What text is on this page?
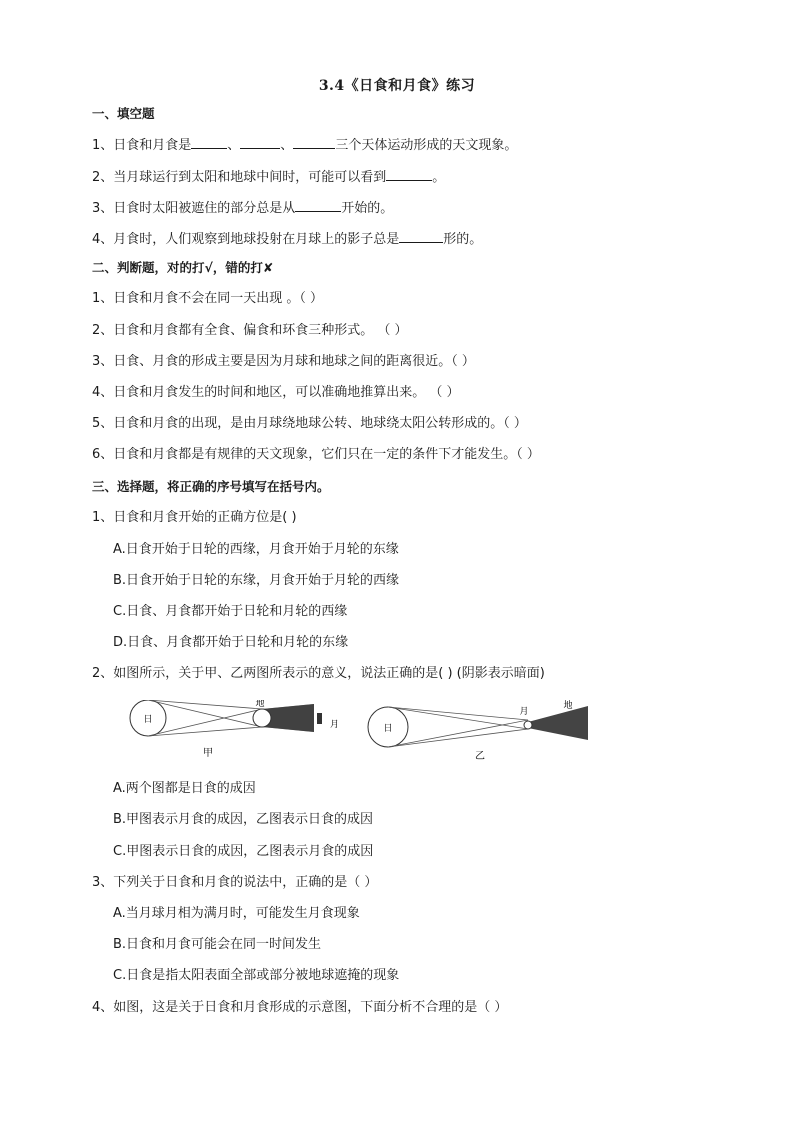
3.4《日食和月食》练习
一、填空题
1、日食和月食是	、	、	三个天体运动形成的天文现象。
2、当月球运行到太阳和地球中间时，可能可以看到	。
3、日食时太阳被遮住的部分总是从	开始的。
4、月食时，人们观察到地球投射在月球上的影子总是	形的。
二、判断题，对的打√，错的打✘
1、日食和月食不会在同一天出现 。（ ）
2、日食和月食都有全食、偏食和环食三种形式。 （ ）
3、日食、月食的形成主要是因为月球和地球之间的距离很近。（ ）
4、日食和月食发生的时间和地区，可以准确地推算出来。 （ ）
5、日食和月食的出现，是由月球绕地球公转、地球绕太阳公转形成的。（ ）
6、日食和月食都是有规律的天文现象，它们只在一定的条件下才能发生。（ ）
三、选择题，将正确的序号填写在括号内。
1、日食和月食开始的正确方位是( )
A.日食开始于日轮的西缘，月食开始于月轮的东缘
B.日食开始于日轮的东缘，月食开始于月轮的西缘
C.日食、月食都开始于日轮和月轮的西缘
D.日食、月食都开始于日轮和月轮的东缘
2、如图所示，关于甲、乙两图所表示的意义，说法正确的是( ) (阴影表示暗面)
日
地
月
甲
日
月
地
乙
A.两个图都是日食的成因
B.甲图表示月食的成因，乙图表示日食的成因
C.甲图表示日食的成因，乙图表示月食的成因
3、下列关于日食和月食的说法中，正确的是（ ）
A.当月球月相为满月时，可能发生月食现象
B.日食和月食可能会在同一时间发生
C.日食是指太阳表面全部或部分被地球遮掩的现象
4、如图，这是关于日食和月食形成的示意图，下面分析不合理的是（ ）
